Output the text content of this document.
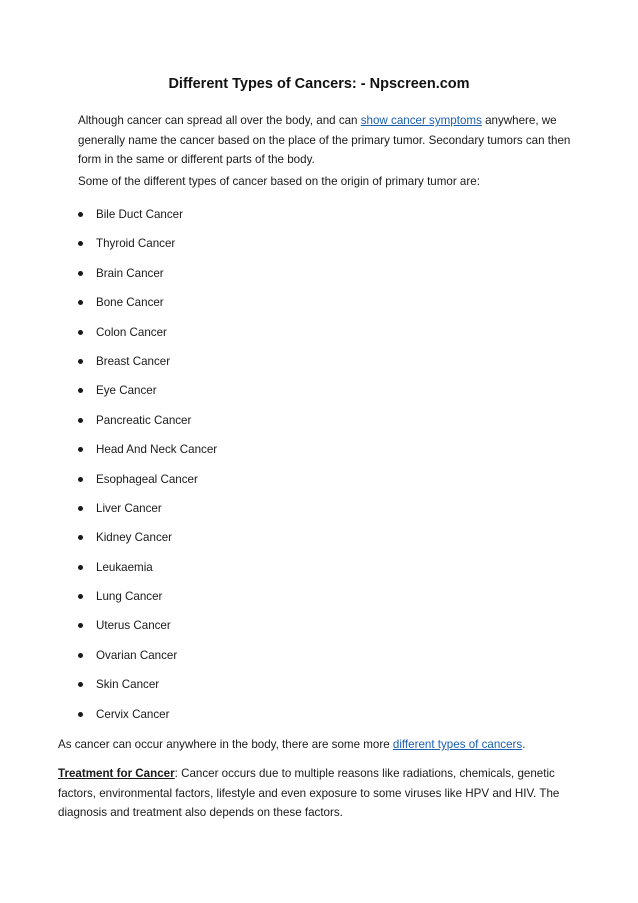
Different Types of Cancers: - Npscreen.com

Although cancer can spread all over the body, and can show cancer symptoms anywhere, we generally name the cancer based on the place of the primary tumor. Secondary tumors can then form in the same or different parts of the body.

Some of the different types of cancer based on the origin of primary tumor are:

Bile Duct Cancer
Thyroid Cancer
Brain Cancer
Bone Cancer
Colon Cancer
Breast Cancer
Eye Cancer
Pancreatic Cancer
Head And Neck Cancer
Esophageal Cancer
Liver Cancer
Kidney Cancer
Leukaemia
Lung Cancer
Uterus Cancer
Ovarian Cancer
Skin Cancer
Cervix Cancer

As cancer can occur anywhere in the body, there are some more different types of cancers.

Treatment for Cancer: Cancer occurs due to multiple reasons like radiations, chemicals, genetic factors, environmental factors, lifestyle and even exposure to some viruses like HPV and HIV. The diagnosis and treatment also depends on these factors.
